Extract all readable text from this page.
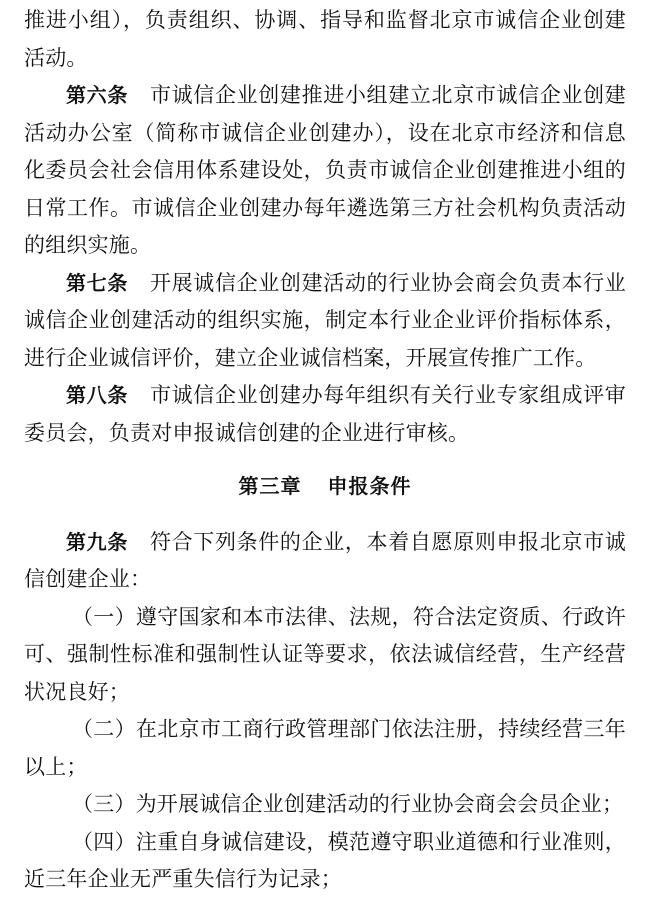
推进小组），负责组织、协调、指导和监督北京市诚信企业创建活动。

第六条 市诚信企业创建推进小组建立北京市诚信企业创建活动办公室（简称市诚信企业创建办），设在北京市经济和信息化委员会社会信用体系建设处，负责市诚信企业创建推进小组的日常工作。市诚信企业创建办每年遴选第三方社会机构负责活动的组织实施。

第七条 开展诚信企业创建活动的行业协会商会负责本行业诚信企业创建活动的组织实施，制定本行业企业评价指标体系，进行企业诚信评价，建立企业诚信档案，开展宣传推广工作。

第八条 市诚信企业创建办每年组织有关行业专家组成评审委员会，负责对申报诚信创建的企业进行审核。

第三章 申报条件

第九条 符合下列条件的企业，本着自愿原则申报北京市诚信创建企业：

（一）遵守国家和本市法律、法规，符合法定资质、行政许可、强制性标准和强制性认证等要求，依法诚信经营，生产经营状况良好；

（二）在北京市工商行政管理部门依法注册，持续经营三年以上；

（三）为开展诚信企业创建活动的行业协会商会会员企业；

（四）注重自身诚信建设，模范遵守职业道德和行业准则，近三年企业无严重失信行为记录；
